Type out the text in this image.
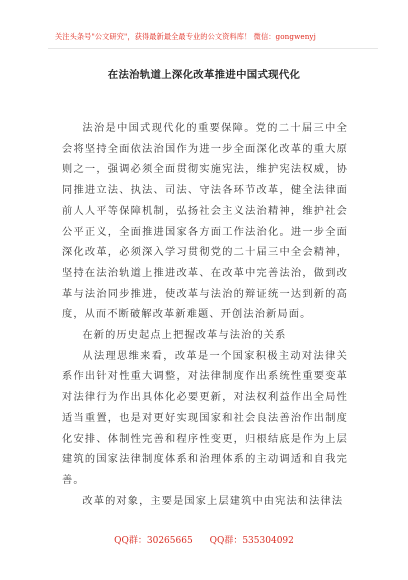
关注头条号"公文研究"，获得最新最全最专业的公文资料库！ 微信：gongwenyj
在法治轨道上深化改革推进中国式现代化

法治是中国式现代化的重要保障。党的二十届三中全会将坚持全面依法治国作为进一步全面深化改革的重大原则之一，强调必须全面贯彻实施宪法，维护宪法权威，协同推进立法、执法、司法、守法各环节改革，健全法律面前人人平等保障机制，弘扬社会主义法治精神，维护社会公平正义，全面推进国家各方面工作法治化。进一步全面深化改革，必须深入学习贯彻党的二十届三中全会精神，坚持在法治轨道上推进改革、在改革中完善法治，做到改革与法治同步推进，使改革与法治的辩证统一达到新的高度，从而不断破解改革新难题、开创法治新局面。

在新的历史起点上把握改革与法治的关系

从法理思维来看，改革是一个国家积极主动对法律关系作出针对性重大调整，对法律制度作出系统性重要变革对法律行为作出具体化必要更新，对法权利益作出全局性适当重置，也是对更好实现国家和社会良法善治作出制度化安排、体制性完善和程序性变更，归根结底是作为上层建筑的国家法律制度体系和治理体系的主动调适和自我完善。

改革的对象，主要是国家上层建筑中由宪法和法律法

QQ群：30265665 QQ群：535304092
